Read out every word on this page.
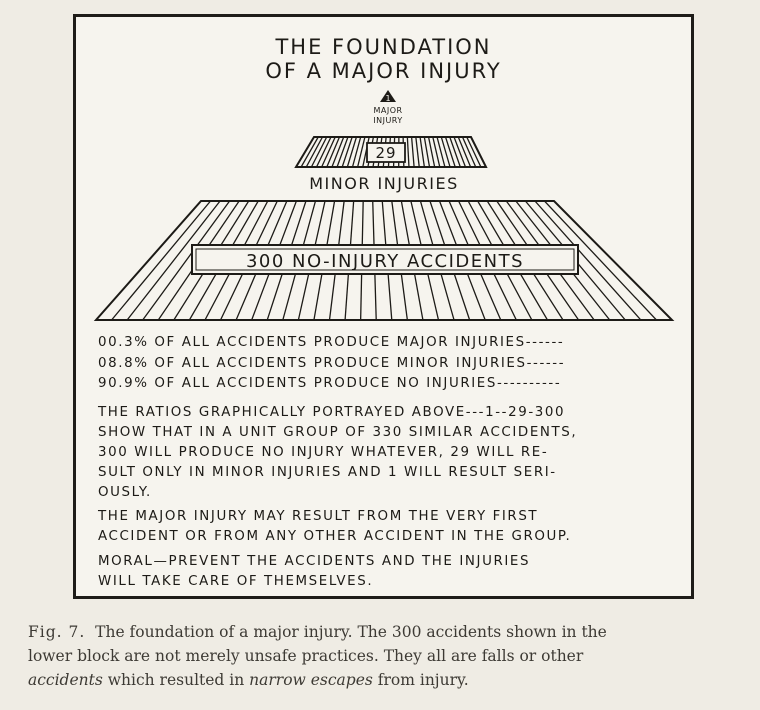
THE FOUNDATION
OF A MAJOR INJURY
1
MAJOR
INJURY
29
MINOR INJURIES
300 NO-INJURY ACCIDENTS
00.3% OF ALL ACCIDENTS PRODUCE MAJOR INJURIES------
08.8% OF ALL ACCIDENTS PRODUCE MINOR INJURIES------
90.9% OF ALL ACCIDENTS PRODUCE NO INJURIES----------
THE RATIOS GRAPHICALLY PORTRAYED ABOVE---1--29-300
SHOW THAT IN A UNIT GROUP OF 330 SIMILAR ACCIDENTS,
300 WILL PRODUCE NO INJURY WHATEVER, 29 WILL RE-
SULT ONLY IN MINOR INJURIES AND 1 WILL RESULT SERI-
OUSLY.
THE MAJOR INJURY MAY RESULT FROM THE VERY FIRST
ACCIDENT OR FROM ANY OTHER ACCIDENT IN THE GROUP.
MORAL—PREVENT THE ACCIDENTS AND THE INJURIES
WILL TAKE CARE OF THEMSELVES.
Fig. 7. The foundation of a major injury. The 300 accidents shown in the
lower block are not merely unsafe practices. They all are falls or other
accidents which resulted in narrow escapes from injury.
